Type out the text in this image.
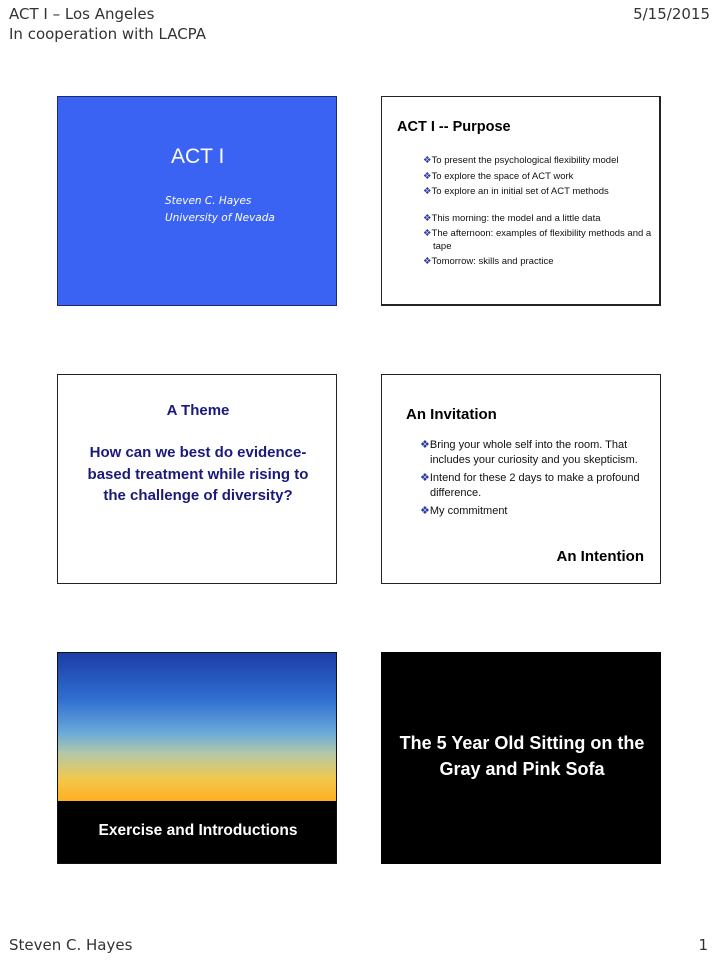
ACT I – Los Angeles
In cooperation with LACPA
5/15/2015
ACT I
Steven C. Hayes
University of Nevada
ACT I -- Purpose
❖To present the psychological flexibility model
❖To explore the space of ACT work
❖To explore an in initial set of ACT methods
❖This morning: the model and a little data
❖The afternoon: examples of flexibility methods and a tape
❖Tomorrow: skills and practice
A Theme
How can we best do evidence-based treatment while rising to the challenge of diversity?
An Invitation
❖Bring your whole self into the room. That includes your curiosity and you skepticism.
❖Intend for these 2 days to make a profound difference.
❖My commitment
An Intention
Exercise and Introductions
The 5 Year Old Sitting on the Gray and Pink Sofa
Steven C. Hayes	1
